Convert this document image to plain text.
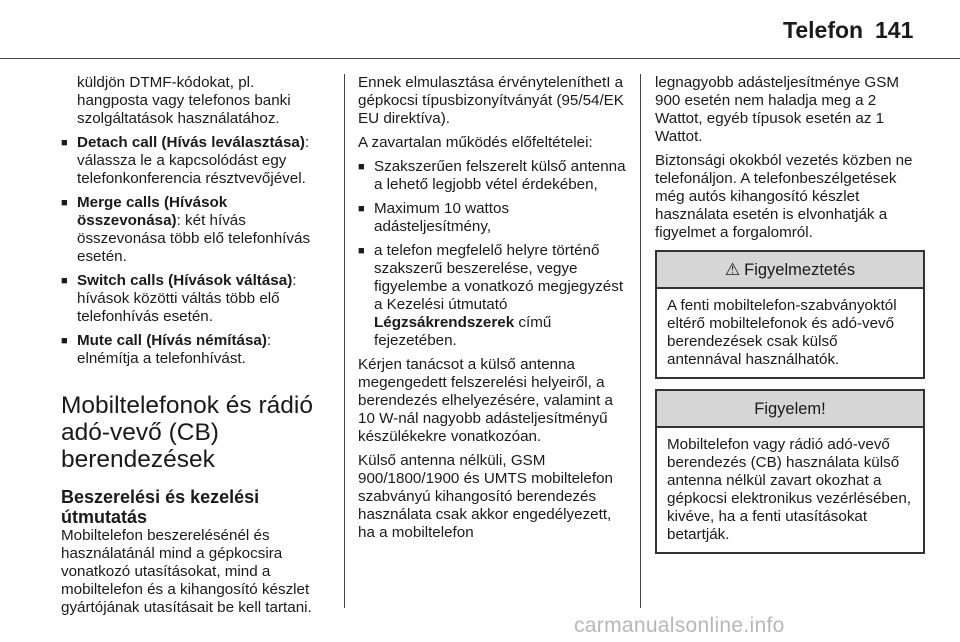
Telefon 141
küldjön DTMF-kódokat, pl.
hangposta vagy telefonos banki
szolgáltatások használatához.
■ Detach call (Hívás leválasztása): válassza le a kapcsolódást egy telefonkonferencia résztvevőjével.
■ Merge calls (Hívások összevonása): két hívás összevonása több elő telefonhívás esetén.
■ Switch calls (Hívások váltása): hívások közötti váltás több elő telefonhívás esetén.
■ Mute call (Hívás némítása): elnémítja a telefonhívást.
Mobiltelefonok és rádió adó-vevő (CB) berendezések
Beszerelési és kezelési útmutatás

Mobiltelefon beszerelésénél és használatánál mind a gépkocsira vonatkozó utasításokat, mind a mobiltelefon és a kihangosító készlet gyártójának utasításait be kell tartani.

Ennek elmulasztása érvényteleníthetI a gépkocsi típusbizonyítványát (95/54/EK EU direktíva).

A zavartalan működés előfeltételei:

■ Szakszerűen felszerelt külső antenna a lehető legjobb vétel érdekében,
■ Maximum 10 wattos adásteljesítmény,
■ a telefon megfelelő helyre történő szakszerű beszerelése, vegye figyelembe a vonatkozó megjegyzést a Kezelési útmutató Légzsákrendszerek című fejezetében.

Kérjen tanácsot a külső antenna megengedett felszerelési helyeiről, a berendezés elhelyezésére, valamint a 10 W-nál nagyobb adásteljesítményű készülékekre vonatkozóan.

Külső antenna nélküli, GSM 900/1800/1900 és UMTS mobiltelefon szabványú kihangosító berendezés használata csak akkor engedélyezett, ha a mobiltelefon

legnagyobb adásteljesítménye GSM 900 esetén nem haladja meg a 2 Wattot, egyéb típusok esetén az 1 Wattot.

Biztonsági okokból vezetés közben ne telefonáljon. A telefonbeszélgetések még autós kihangosító készlet használata esetén is elvonhatják a figyelmet a forgalomról.

⚠ Figyelmeztetés
A fenti mobiltelefon-szabványoktól eltérő mobiltelefonok és adó-vevő berendezések csak külső antennával használhatók.
Figyelem!
Mobiltelefon vagy rádió adó-vevő berendezés (CB) használata külső antenna nélkül zavart okozhat a gépkocsi elektronikus vezérlésében, kivéve, ha a fenti utasításokat betartják.
carmanualsonline.info
